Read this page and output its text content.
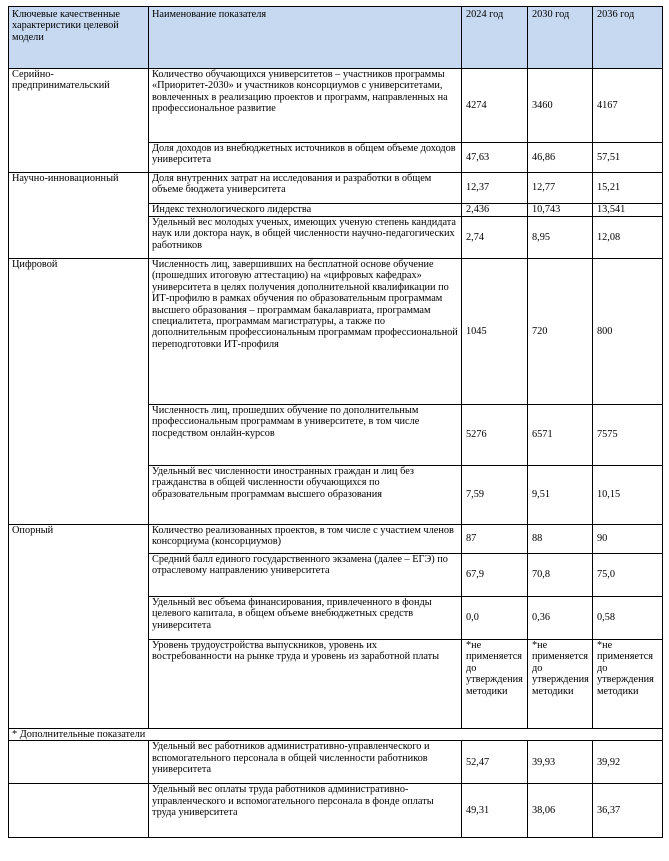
Ключевые качественные характеристики целевой модели	Наименование показателя	2024 год	2030 год	2036 год
Серийно-предпринимательский	Количество обучающихся университетов – участников программы «Приоритет-2030» и участников консорциумов с университетами, вовлеченных в реализацию проектов и программ, направленных на профессиональное развитие	4274	3460	4167
	Доля доходов из внебюджетных источников в общем объеме доходов университета	47,63	46,86	57,51
Научно-инновационный	Доля внутренних затрат на исследования и разработки в общем объеме бюджета университета	12,37	12,77	15,21
	Индекс технологического лидерства	2,436	10,743	13,541
	Удельный вес молодых ученых, имеющих ученую степень кандидата наук или доктора наук, в общей численности научно-педагогических работников	2,74	8,95	12,08
Цифровой	Численность лиц, завершивших на бесплатной основе обучение (прошедших итоговую аттестацию) на «цифровых кафедрах» университета в целях получения дополнительной квалификации по ИТ-профилю в рамках обучения по образовательным программам высшего образования – программам бакалавриата, программам специалитета, программам магистратуры, а также по дополнительным профессиональным программам профессиональной переподготовки ИТ-профиля	1045	720	800
	Численность лиц, прошедших обучение по дополнительным профессиональным программам в университете, в том числе посредством онлайн-курсов	5276	6571	7575
	Удельный вес численности иностранных граждан и лиц без гражданства в общей численности обучающихся по образовательным программам высшего образования	7,59	9,51	10,15
Опорный	Количество реализованных проектов, в том числе с участием членов консорциума (консорциумов)	87	88	90
	Средний балл единого государственного экзамена (далее – ЕГЭ) по отраслевому направлению университета	67,9	70,8	75,0
	Удельный вес объема финансирования, привлеченного в фонды целевого капитала, в общем объеме внебюджетных средств университета	0,0	0,36	0,58
	Уровень трудоустройства выпускников, уровень их востребованности на рынке труда и уровень из заработной платы	*не применяется до утверждения методики	*не применяется до утверждения методики	*не применяется до утверждения методики
* Дополнительные показатели				
	Удельный вес работников административно-управленческого и вспомогательного персонала в общей численности работников университета	52,47	39,93	39,92
	Удельный вес оплаты труда работников административно-управленческого и вспомогательного персонала в фонде оплаты труда университета	49,31	38,06	36,37
